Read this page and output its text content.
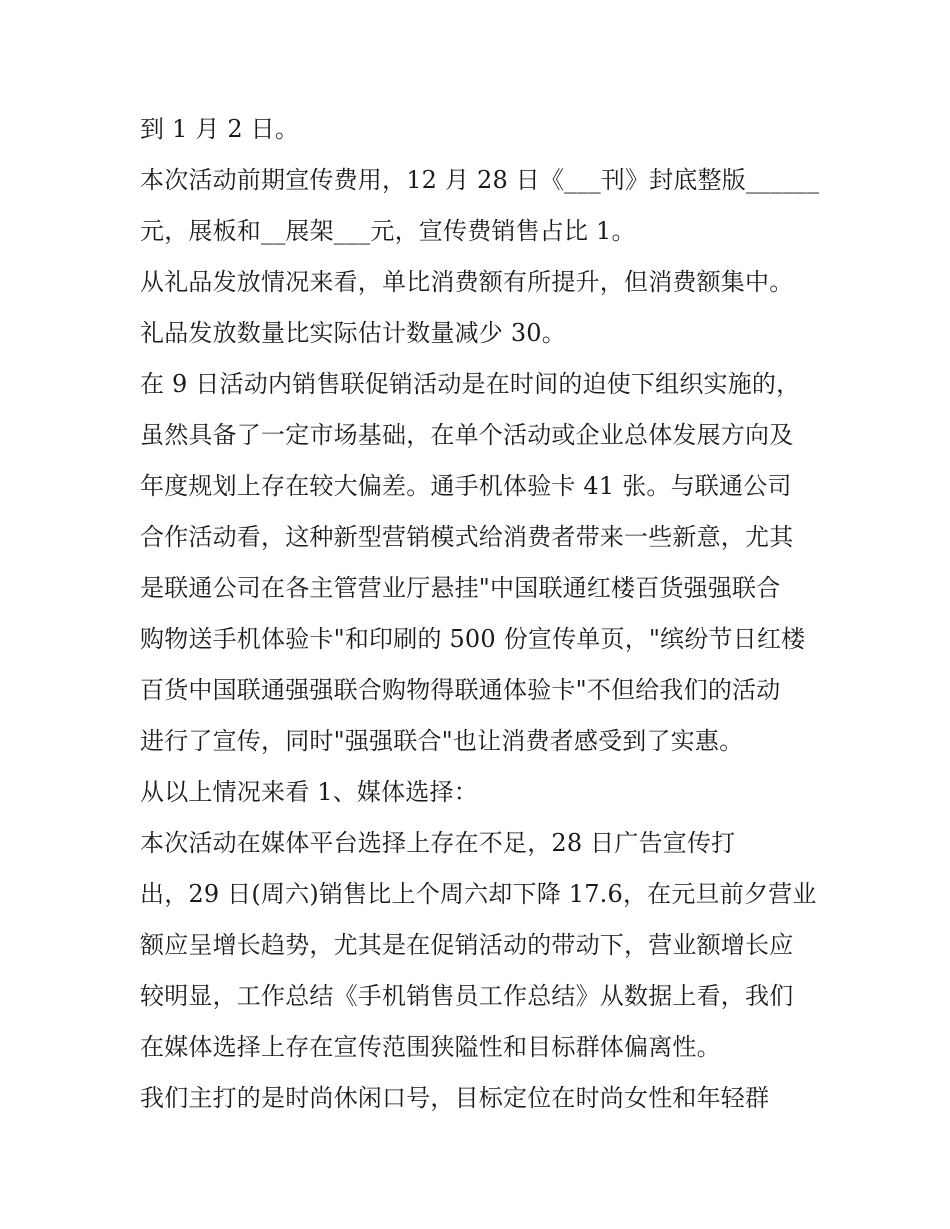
到 1 月 2 日。
本次活动前期宣传费用，12 月 28 日《___刊》封底整版______
元，展板和__展架___元，宣传费销售占比 1。
从礼品发放情况来看，单比消费额有所提升，但消费额集中。
礼品发放数量比实际估计数量减少 30。
在 9 日活动内销售联促销活动是在时间的迫使下组织实施的，
虽然具备了一定市场基础，在单个活动或企业总体发展方向及
年度规划上存在较大偏差。通手机体验卡 41 张。与联通公司
合作活动看，这种新型营销模式给消费者带来一些新意，尤其
是联通公司在各主管营业厅悬挂"中国联通红楼百货强强联合
购物送手机体验卡"和印刷的 500 份宣传单页，"缤纷节日红楼
百货中国联通强强联合购物得联通体验卡"不但给我们的活动
进行了宣传，同时"强强联合"也让消费者感受到了实惠。
从以上情况来看 1、媒体选择：
本次活动在媒体平台选择上存在不足，28 日广告宣传打
出，29 日(周六)销售比上个周六却下降 17.6，在元旦前夕营业
额应呈增长趋势，尤其是在促销活动的带动下，营业额增长应
较明显，工作总结《手机销售员工作总结》从数据上看，我们
在媒体选择上存在宣传范围狭隘性和目标群体偏离性。
我们主打的是时尚休闲口号，目标定位在时尚女性和年轻群
